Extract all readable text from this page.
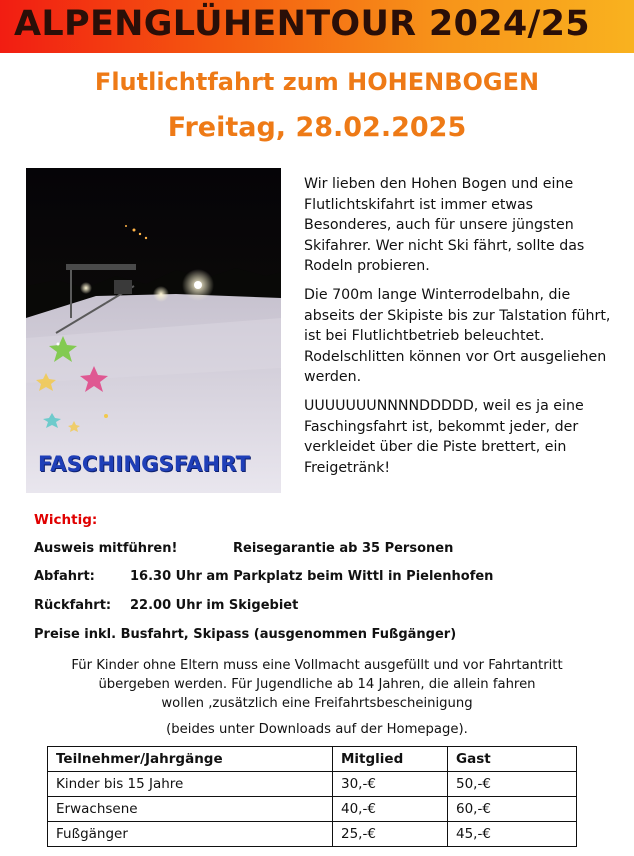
ALPENGLÜHENTOUR 2024/25
Flutlichtfahrt zum HOHENBOGEN
Freitag, 28.02.2025
FASCHINGSFAHRT

Wir lieben den Hohen Bogen und eine Flutlichtskifahrt ist immer etwas Besonderes, auch für unsere jüngsten Skifahrer. Wer nicht Ski fährt, sollte das Rodeln probieren.

Die 700m lange Winterrodelbahn, die abseits der Skipiste bis zur Talstation führt, ist bei Flutlichtbetrieb beleuchtet. Rodelschlitten können vor Ort ausgeliehen werden.

UUUUUUUNNNNDDDDD, weil es ja eine Faschingsfahrt ist, bekommt jeder, der verkleidet über die Piste brettert, ein Freigetränk!

Wichtig:
Ausweis mitführen!	Reisegarantie ab 35 Personen
Abfahrt:	16.30 Uhr am Parkplatz beim Wittl in Pielenhofen
Rückfahrt: 22.00 Uhr im Skigebiet
Preise inkl. Busfahrt, Skipass (ausgenommen Fußgänger)
Für Kinder ohne Eltern muss eine Vollmacht ausgefüllt und vor Fahrtantritt
übergeben werden. Für Jugendliche ab 14 Jahren, die allein fahren
wollen ,zusätzlich eine Freifahrtsbescheinigung
(beides unter Downloads auf der Homepage).
Teilnehmer/Jahrgänge	Mitglied	Gast
Kinder bis 15 Jahre	30,-€	50,-€
Erwachsene	40,-€	60,-€
Fußgänger	25,-€	45,-€
